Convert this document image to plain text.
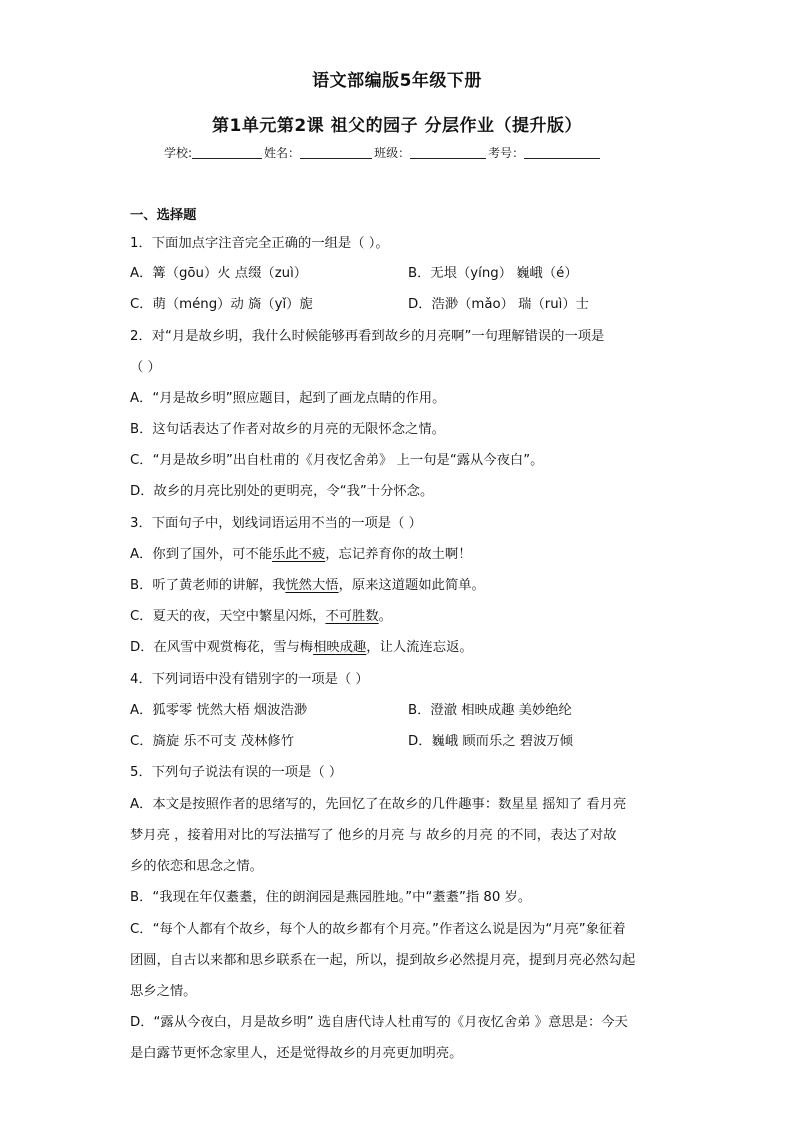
语文部编版5年级下册
第1单元第2课 祖父的园子 分层作业（提升版）
学校:	姓名：	班级：	考号：
一、选择题
1．下面加点字注音完全正确的一组是（ ）。
A．篝（gōu）火 点缀（zuì）	B．无垠（yíng） 巍峨（é）
C．萌（méng）动 旖（yǐ）旎	D．浩渺（mǎo） 瑞（ruì）士
2．对“月是故乡明，我什么时候能够再看到故乡的月亮啊”一句理解错误的一项是
（ ）
A．“月是故乡明”照应题目，起到了画龙点睛的作用。
B．这句话表达了作者对故乡的月亮的无限怀念之情。
C．“月是故乡明”出自杜甫的《月夜忆舍弟》 上一句是“露从今夜白”。
D．故乡的月亮比别处的更明亮，令“我”十分怀念。
3．下面句子中，划线词语运用不当的一项是（ ）
A．你到了国外，可不能乐此不疲，忘记养育你的故土啊！
B．听了黄老师的讲解，我恍然大悟，原来这道题如此简单。
C．夏天的夜，天空中繁星闪烁，不可胜数。
D．在风雪中观赏梅花，雪与梅相映成趣，让人流连忘返。
4．下列词语中没有错别字的一项是（ ）
A．狐零零 恍然大梧 烟波浩渺	B．澄澈 相映成趣 美妙绝纶
C．旖旋 乐不可支 茂林修竹	D．巍峨 顾而乐之 碧波万倾
5．下列句子说法有误的一项是（ ）
A．本文是按照作者的思绪写的，先回忆了在故乡的几件趣事：数星星 摇知了 看月亮
梦月亮 ，接着用对比的写法描写了 他乡的月亮 与 故乡的月亮 的不同，表达了对故
乡的依恋和思念之情。
B．“我现在年仅耋耋，住的朗润园是燕园胜地。”中“耋耋”指 80 岁。
C．“每个人都有个故乡，每个人的故乡都有个月亮。”作者这么说是因为“月亮”象征着
团圆，自古以来都和思乡联系在一起，所以，提到故乡必然提月亮，提到月亮必然勾起
思乡之情。
D．“露从今夜白，月是故乡明” 选自唐代诗人杜甫写的《月夜忆舍弟 》意思是：今天
是白露节更怀念家里人，还是觉得故乡的月亮更加明亮。
